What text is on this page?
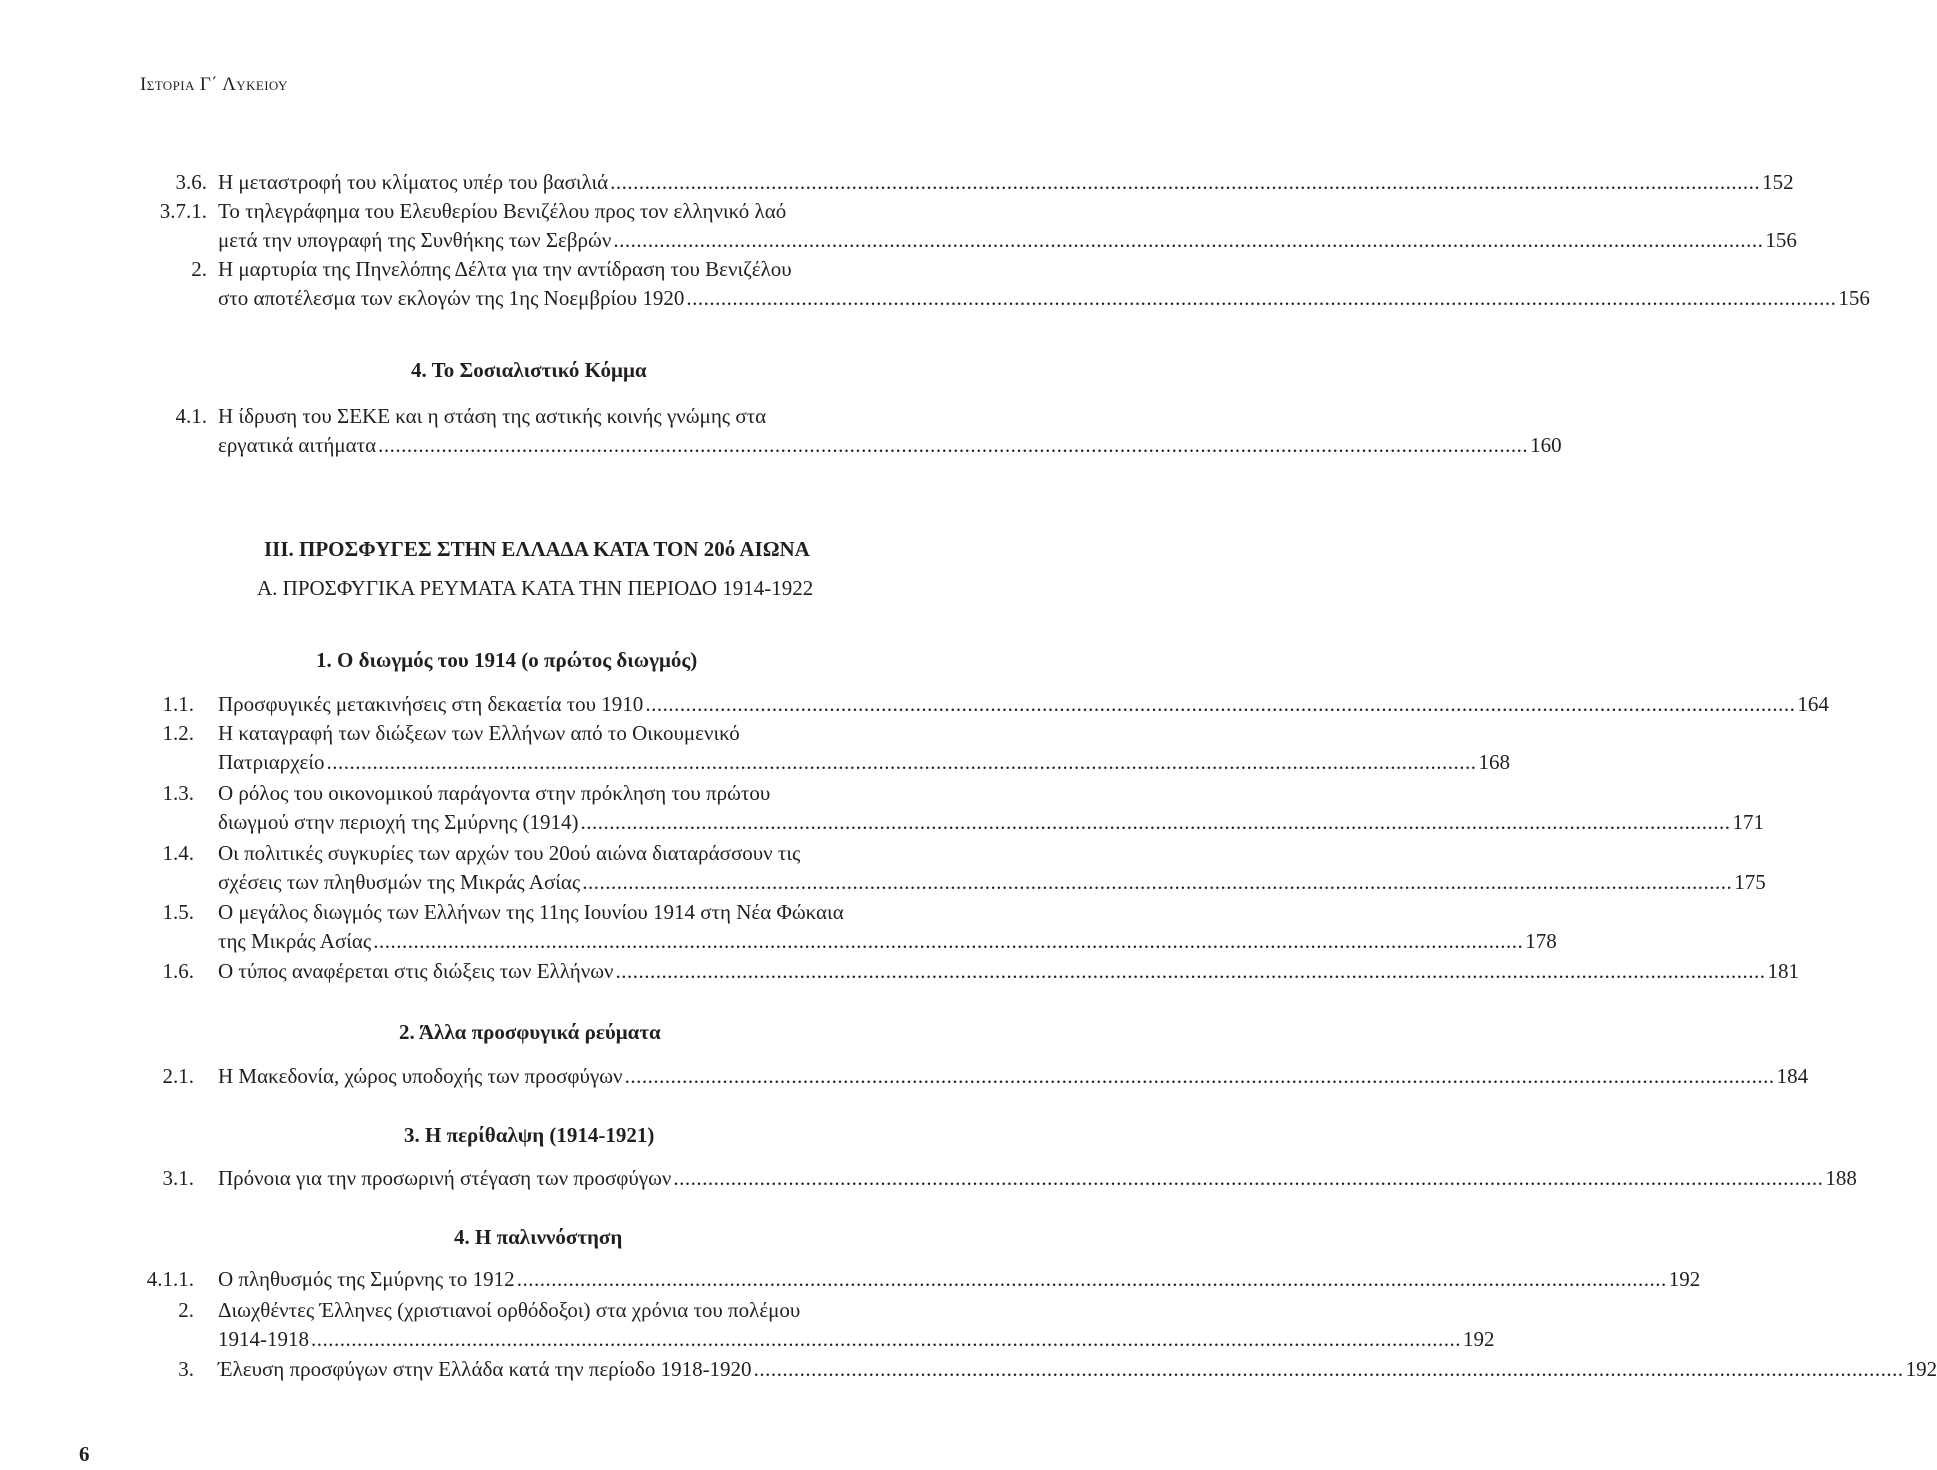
Ιστορια Γ΄ Λυκειου
3.6. Η μεταστροφή του κλίματος υπέρ του βασιλιά ........................................................................................................................................................................................................ 152
3.7.1. Το τηλεγράφημα του Ελευθερίου Βενιζέλου προς τον ελληνικό λαό
μετά την υπογραφή της Συνθήκης των Σεβρών ........................................................................................................................................................................................................ 156
2. Η μαρτυρία της Πηνελόπης Δέλτα για την αντίδραση του Βενιζέλου
στο αποτέλεσμα των εκλογών της 1ης Νοεμβρίου 1920 ........................................................................................................................................................................................................ 156
4. Το Σοσιαλιστικό Κόμμα
4.1. Η ίδρυση του ΣΕΚΕ και η στάση της αστικής κοινής γνώμης στα
εργατικά αιτήματα ........................................................................................................................................................................................................ 160
ΙΙΙ. ΠΡΟΣΦΥΓΕΣ ΣΤΗΝ ΕΛΛΑΔΑ ΚΑΤΑ ΤΟΝ 20ό ΑΙΩΝΑ
Α. ΠΡΟΣΦΥΓΙΚΑ ΡΕΥΜΑΤΑ ΚΑΤΑ ΤΗΝ ΠΕΡΙΟΔΟ 1914-1922
1. Ο διωγμός του 1914 (ο πρώτος διωγμός)
1.1. Προσφυγικές μετακινήσεις στη δεκαετία του 1910 ........................................................................................................................................................................................................ 164
1.2. Η καταγραφή των διώξεων των Ελλήνων από το Οικουμενικό
Πατριαρχείο ........................................................................................................................................................................................................ 168
1.3. Ο ρόλος του οικονομικού παράγοντα στην πρόκληση του πρώτου
διωγμού στην περιοχή της Σμύρνης (1914) ........................................................................................................................................................................................................ 171
1.4. Οι πολιτικές συγκυρίες των αρχών του 20ού αιώνα διαταράσσουν τις
σχέσεις των πληθυσμών της Μικράς Ασίας ........................................................................................................................................................................................................ 175
1.5. Ο μεγάλος διωγμός των Ελλήνων της 11ης Ιουνίου 1914 στη Νέα Φώκαια
της Μικράς Ασίας ........................................................................................................................................................................................................ 178
1.6. Ο τύπος αναφέρεται στις διώξεις των Ελλήνων ........................................................................................................................................................................................................ 181
2. Άλλα προσφυγικά ρεύματα
2.1. Η Μακεδονία, χώρος υποδοχής των προσφύγων ........................................................................................................................................................................................................ 184
3. Η περίθαλψη (1914-1921)
3.1. Πρόνοια για την προσωρινή στέγαση των προσφύγων ........................................................................................................................................................................................................ 188
4. Η παλιννόστηση
4.1.1. Ο πληθυσμός της Σμύρνης το 1912 ........................................................................................................................................................................................................ 192
2. Διωχθέντες Έλληνες (χριστιανοί ορθόδοξοι) στα χρόνια του πολέμου
1914-1918 ........................................................................................................................................................................................................ 192
3. Έλευση προσφύγων στην Ελλάδα κατά την περίοδο 1918-1920 ........................................................................................................................................................................................................ 192
6
